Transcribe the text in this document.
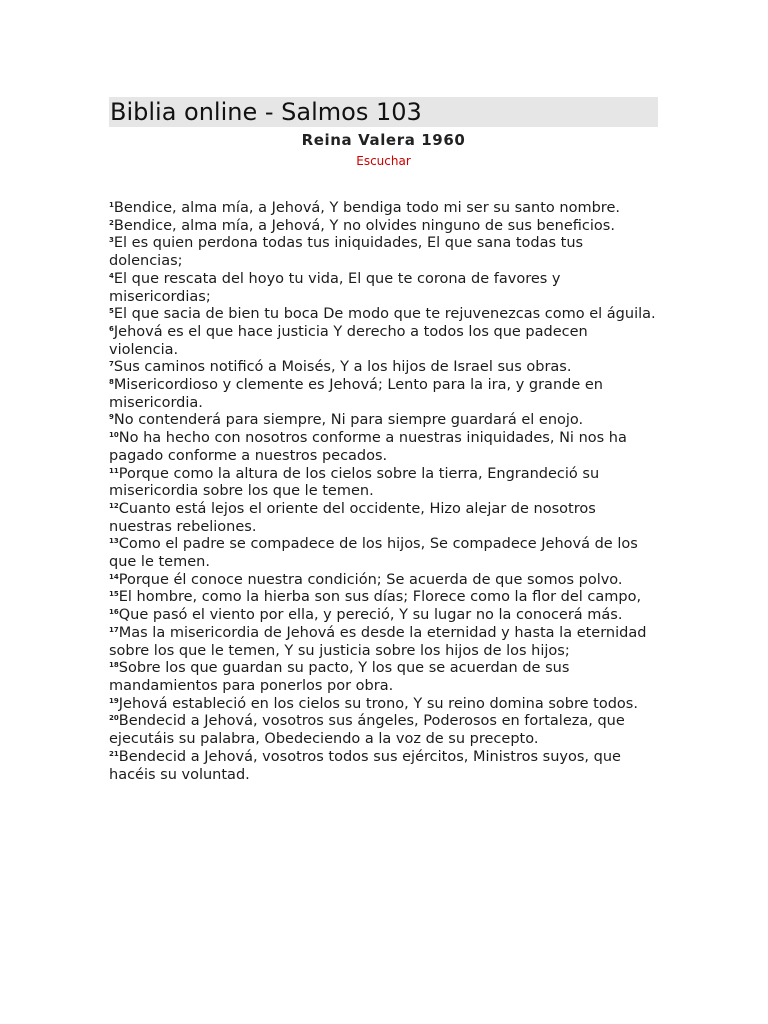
Biblia online - Salmos 103
Reina Valera 1960
Escuchar
$^1$Bendice, alma mía, a Jehová, Y bendiga todo mi ser su santo nombre.
$^2$Bendice, alma mía, a Jehová, Y no olvides ninguno de sus beneficios.
$^3$El es quien perdona todas tus iniquidades, El que sana todas tus dolencias;
$^4$El que rescata del hoyo tu vida, El que te corona de favores y misericordias;
$^5$El que sacia de bien tu boca De modo que te rejuvenezcas como el águila.
$^6$Jehová es el que hace justicia Y derecho a todos los que padecen violencia.
$^7$Sus caminos notificó a Moisés, Y a los hijos de Israel sus obras.
$^8$Misericordioso y clemente es Jehová; Lento para la ira, y grande en misericordia.
$^9$No contenderá para siempre, Ni para siempre guardará el enojo.
$^{10}$No ha hecho con nosotros conforme a nuestras iniquidades, Ni nos ha pagado conforme a nuestros pecados.
$^{11}$Porque como la altura de los cielos sobre la tierra, Engrandeció su misericordia sobre los que le temen.
$^{12}$Cuanto está lejos el oriente del occidente, Hizo alejar de nosotros nuestras rebeliones.
$^{13}$Como el padre se compadece de los hijos, Se compadece Jehová de los que le temen.
$^{14}$Porque él conoce nuestra condición; Se acuerda de que somos polvo.
$^{15}$El hombre, como la hierba son sus días; Florece como la flor del campo,
$^{16}$Que pasó el viento por ella, y pereció, Y su lugar no la conocerá más.
$^{17}$Mas la misericordia de Jehová es desde la eternidad y hasta la eternidad sobre los que le temen, Y su justicia sobre los hijos de los hijos;
$^{18}$Sobre los que guardan su pacto, Y los que se acuerdan de sus mandamientos para ponerlos por obra.
$^{19}$Jehová estableció en los cielos su trono, Y su reino domina sobre todos.
$^{20}$Bendecid a Jehová, vosotros sus ángeles, Poderosos en fortaleza, que ejecutáis su palabra, Obedeciendo a la voz de su precepto.
$^{21}$Bendecid a Jehová, vosotros todos sus ejércitos, Ministros suyos, que hacéis su voluntad.
